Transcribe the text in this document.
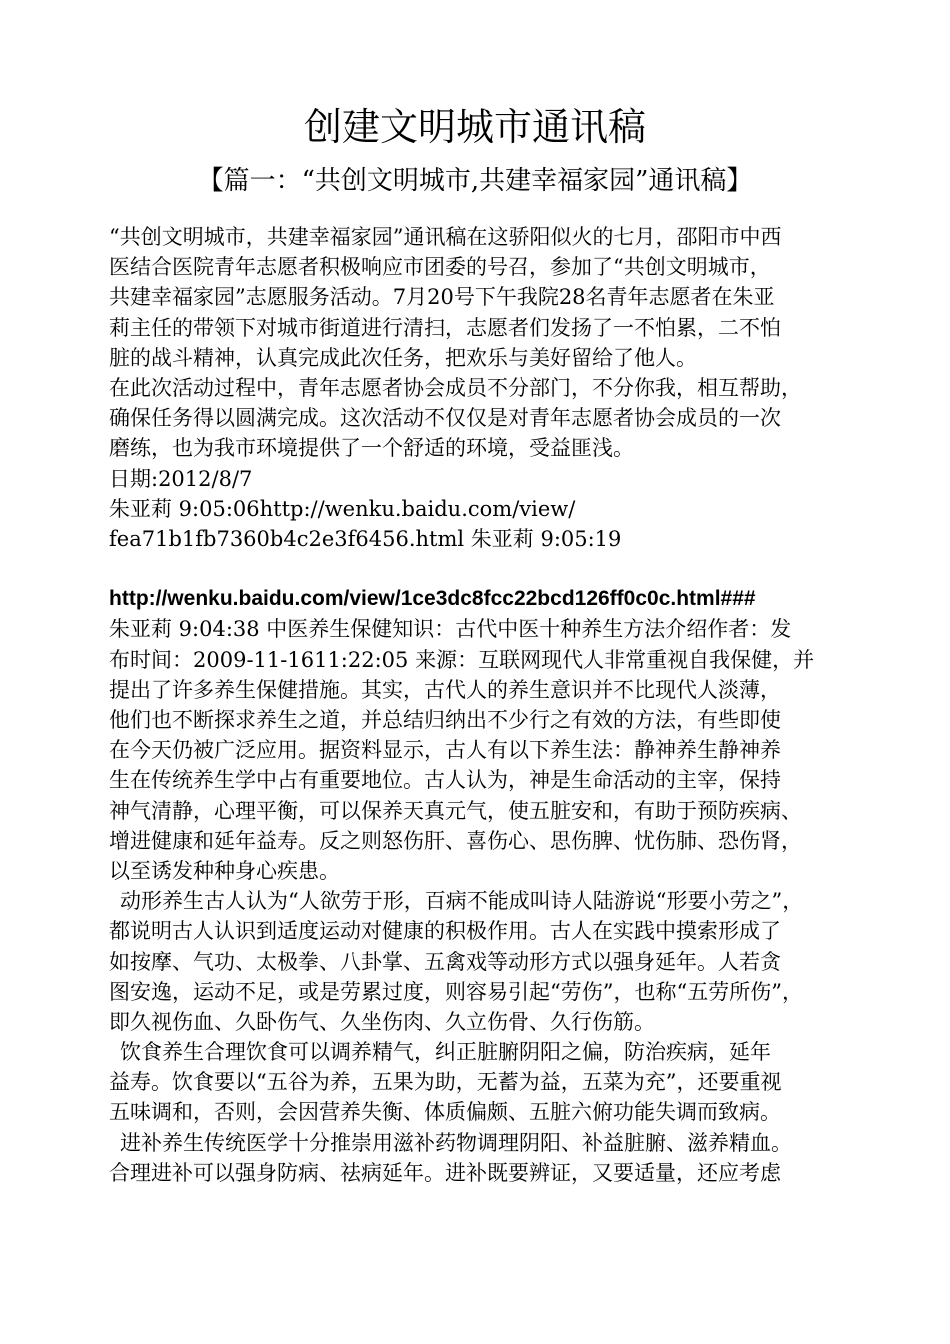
创建文明城市通讯稿
【篇一：“共创文明城市,共建幸福家园”通讯稿】
“共创文明城市，共建幸福家园”通讯稿在这骄阳似火的七月，邵阳市中西
医结合医院青年志愿者积极响应市团委的号召，参加了“共创文明城市，
共建幸福家园”志愿服务活动。7月20号下午我院28名青年志愿者在朱亚
莉主任的带领下对城市街道进行清扫，志愿者们发扬了一不怕累，二不怕
脏的战斗精神，认真完成此次任务，把欢乐与美好留给了他人。
在此次活动过程中，青年志愿者协会成员不分部门，不分你我，相互帮助，
确保任务得以圆满完成。这次活动不仅仅是对青年志愿者协会成员的一次
磨练，也为我市环境提供了一个舒适的环境，受益匪浅。
日期:2012/8/7
朱亚莉 9:05:06http://wenku.baidu.com/view/
fea71b1fb7360b4c2e3f6456.html 朱亚莉 9:05:19
http://wenku.baidu.com/view/1ce3dc8fcc22bcd126ff0c0c.html###
朱亚莉 9:04:38 中医养生保健知识：古代中医十种养生方法介绍作者：发
布时间：2009-11-1611:22:05 来源：互联网现代人非常重视自我保健，并
提出了许多养生保健措施。其实，古代人的养生意识并不比现代人淡薄，
他们也不断探求养生之道，并总结归纳出不少行之有效的方法，有些即使
在今天仍被广泛应用。据资料显示，古人有以下养生法：静神养生静神养
生在传统养生学中占有重要地位。古人认为，神是生命活动的主宰，保持
神气清静，心理平衡，可以保养天真元气，使五脏安和，有助于预防疾病、
增进健康和延年益寿。反之则怒伤肝、喜伤心、思伤脾、忧伤肺、恐伤肾，
以至诱发种种身心疾患。
动形养生古人认为“人欲劳于形，百病不能成叫诗人陆游说“形要小劳之”，
都说明古人认识到适度运动对健康的积极作用。古人在实践中摸索形成了
如按摩、气功、太极拳、八卦掌、五禽戏等动形方式以强身延年。人若贪
图安逸，运动不足，或是劳累过度，则容易引起“劳伤”，也称“五劳所伤”，
即久视伤血、久卧伤气、久坐伤肉、久立伤骨、久行伤筋。
饮食养生合理饮食可以调养精气，纠正脏腑阴阳之偏，防治疾病，延年
益寿。饮食要以“五谷为养，五果为助，无蓄为益，五菜为充”，还要重视
五味调和，否则，会因营养失衡、体质偏颇、五脏六俯功能失调而致病。
进补养生传统医学十分推崇用滋补药物调理阴阳、补益脏腑、滋养精血。
合理进补可以强身防病、祛病延年。进补既要辨证，又要适量，还应考虑
